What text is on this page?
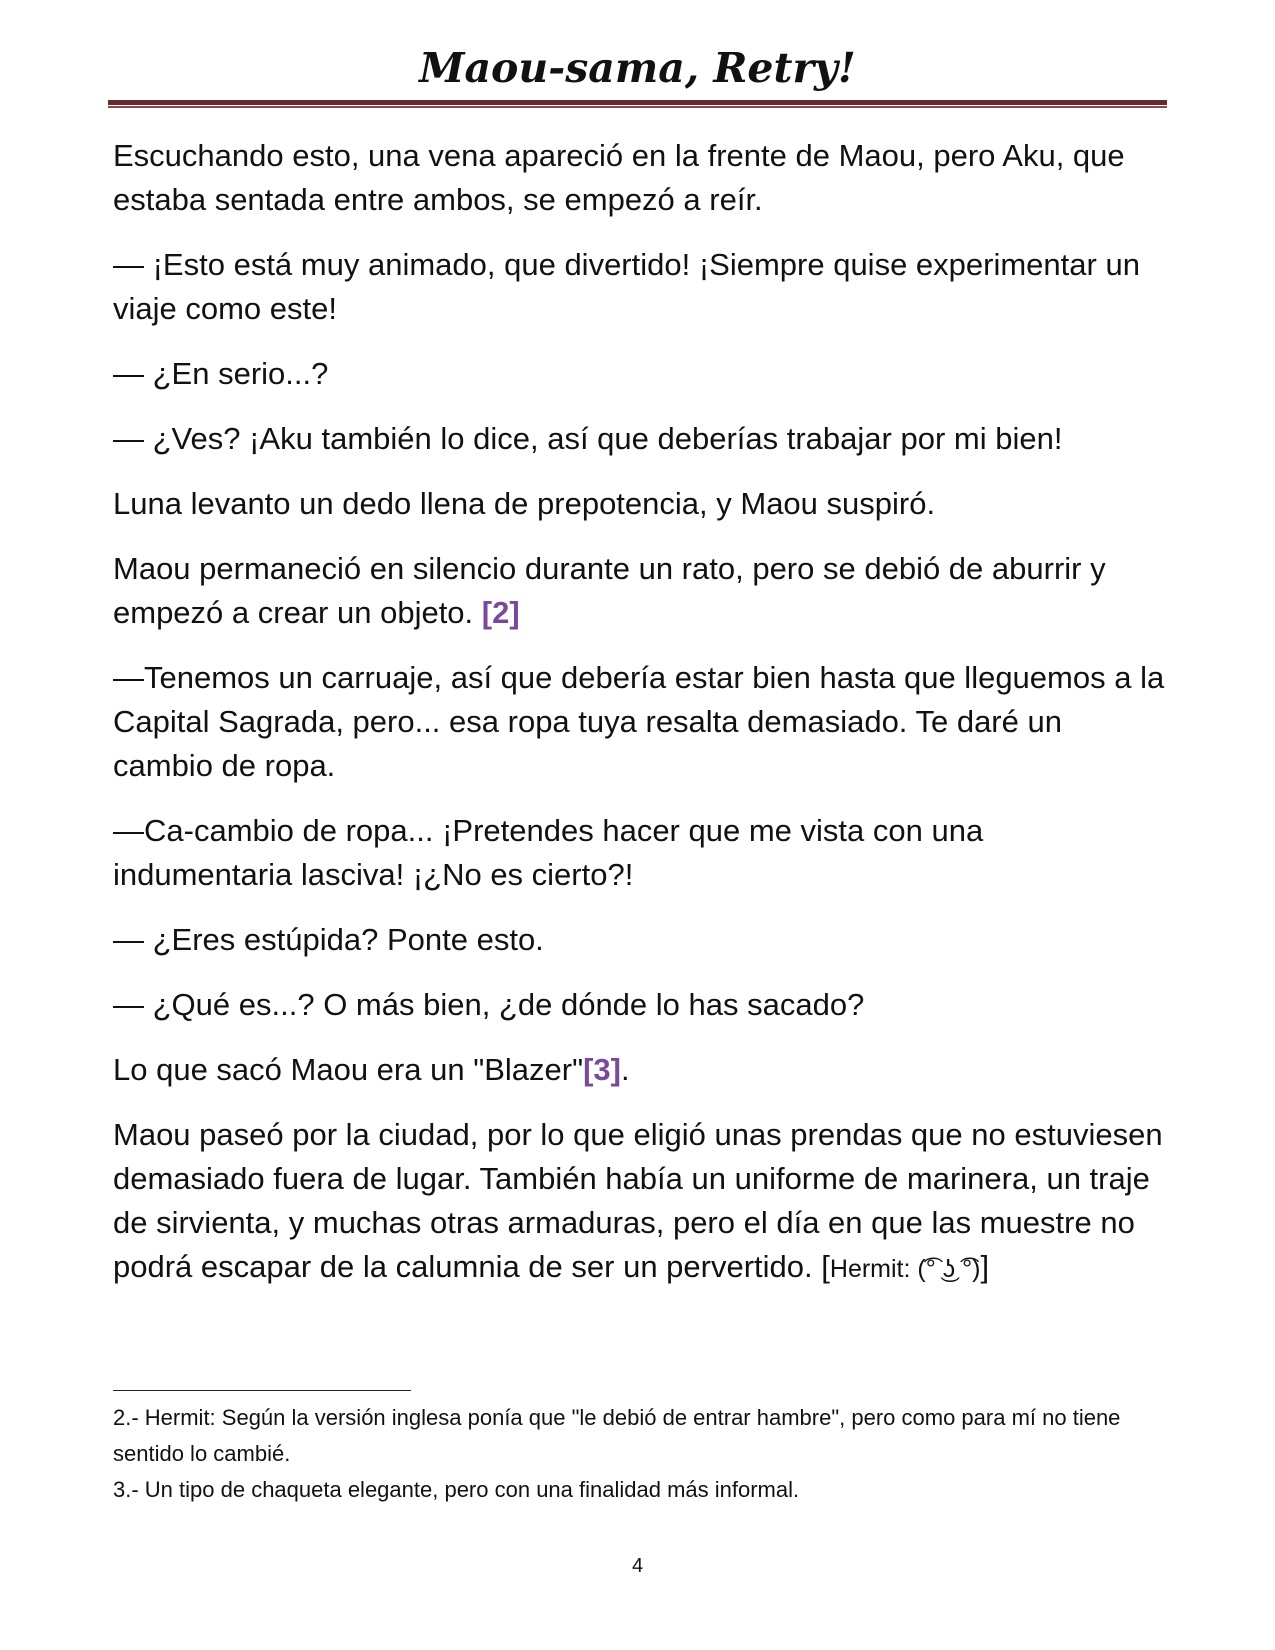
Maou-sama, Retry!

Escuchando esto, una vena apareció en la frente de Maou, pero Aku, que estaba sentada entre ambos, se empezó a reír.

— ¡Esto está muy animado, que divertido! ¡Siempre quise experimentar un viaje como este!

— ¿En serio...?

— ¿Ves? ¡Aku también lo dice, así que deberías trabajar por mi bien!

Luna levanto un dedo llena de prepotencia, y Maou suspiró.

Maou permaneció en silencio durante un rato, pero se debió de aburrir y empezó a crear un objeto. [2]

—Tenemos un carruaje, así que debería estar bien hasta que lleguemos a la Capital Sagrada, pero... esa ropa tuya resalta demasiado. Te daré un cambio de ropa.

—Ca-cambio de ropa... ¡Pretendes hacer que me vista con una indumentaria lasciva! ¡¿No es cierto?!

— ¿Eres estúpida? Ponte esto.

— ¿Qué es...? O más bien, ¿de dónde lo has sacado?

Lo que sacó Maou era un "Blazer"[3].

Maou paseó por la ciudad, por lo que eligió unas prendas que no estuviesen demasiado fuera de lugar. También había un uniforme de marinera, un traje de sirvienta, y muchas otras armaduras, pero el día en que las muestre no podrá escapar de la calumnia de ser un pervertido. [Hermit: (͡° ͜ʖ ͡°)]

2.- Hermit: Según la versión inglesa ponía que "le debió de entrar hambre", pero como para mí no tiene sentido lo cambié.

3.- Un tipo de chaqueta elegante, pero con una finalidad más informal.

4
